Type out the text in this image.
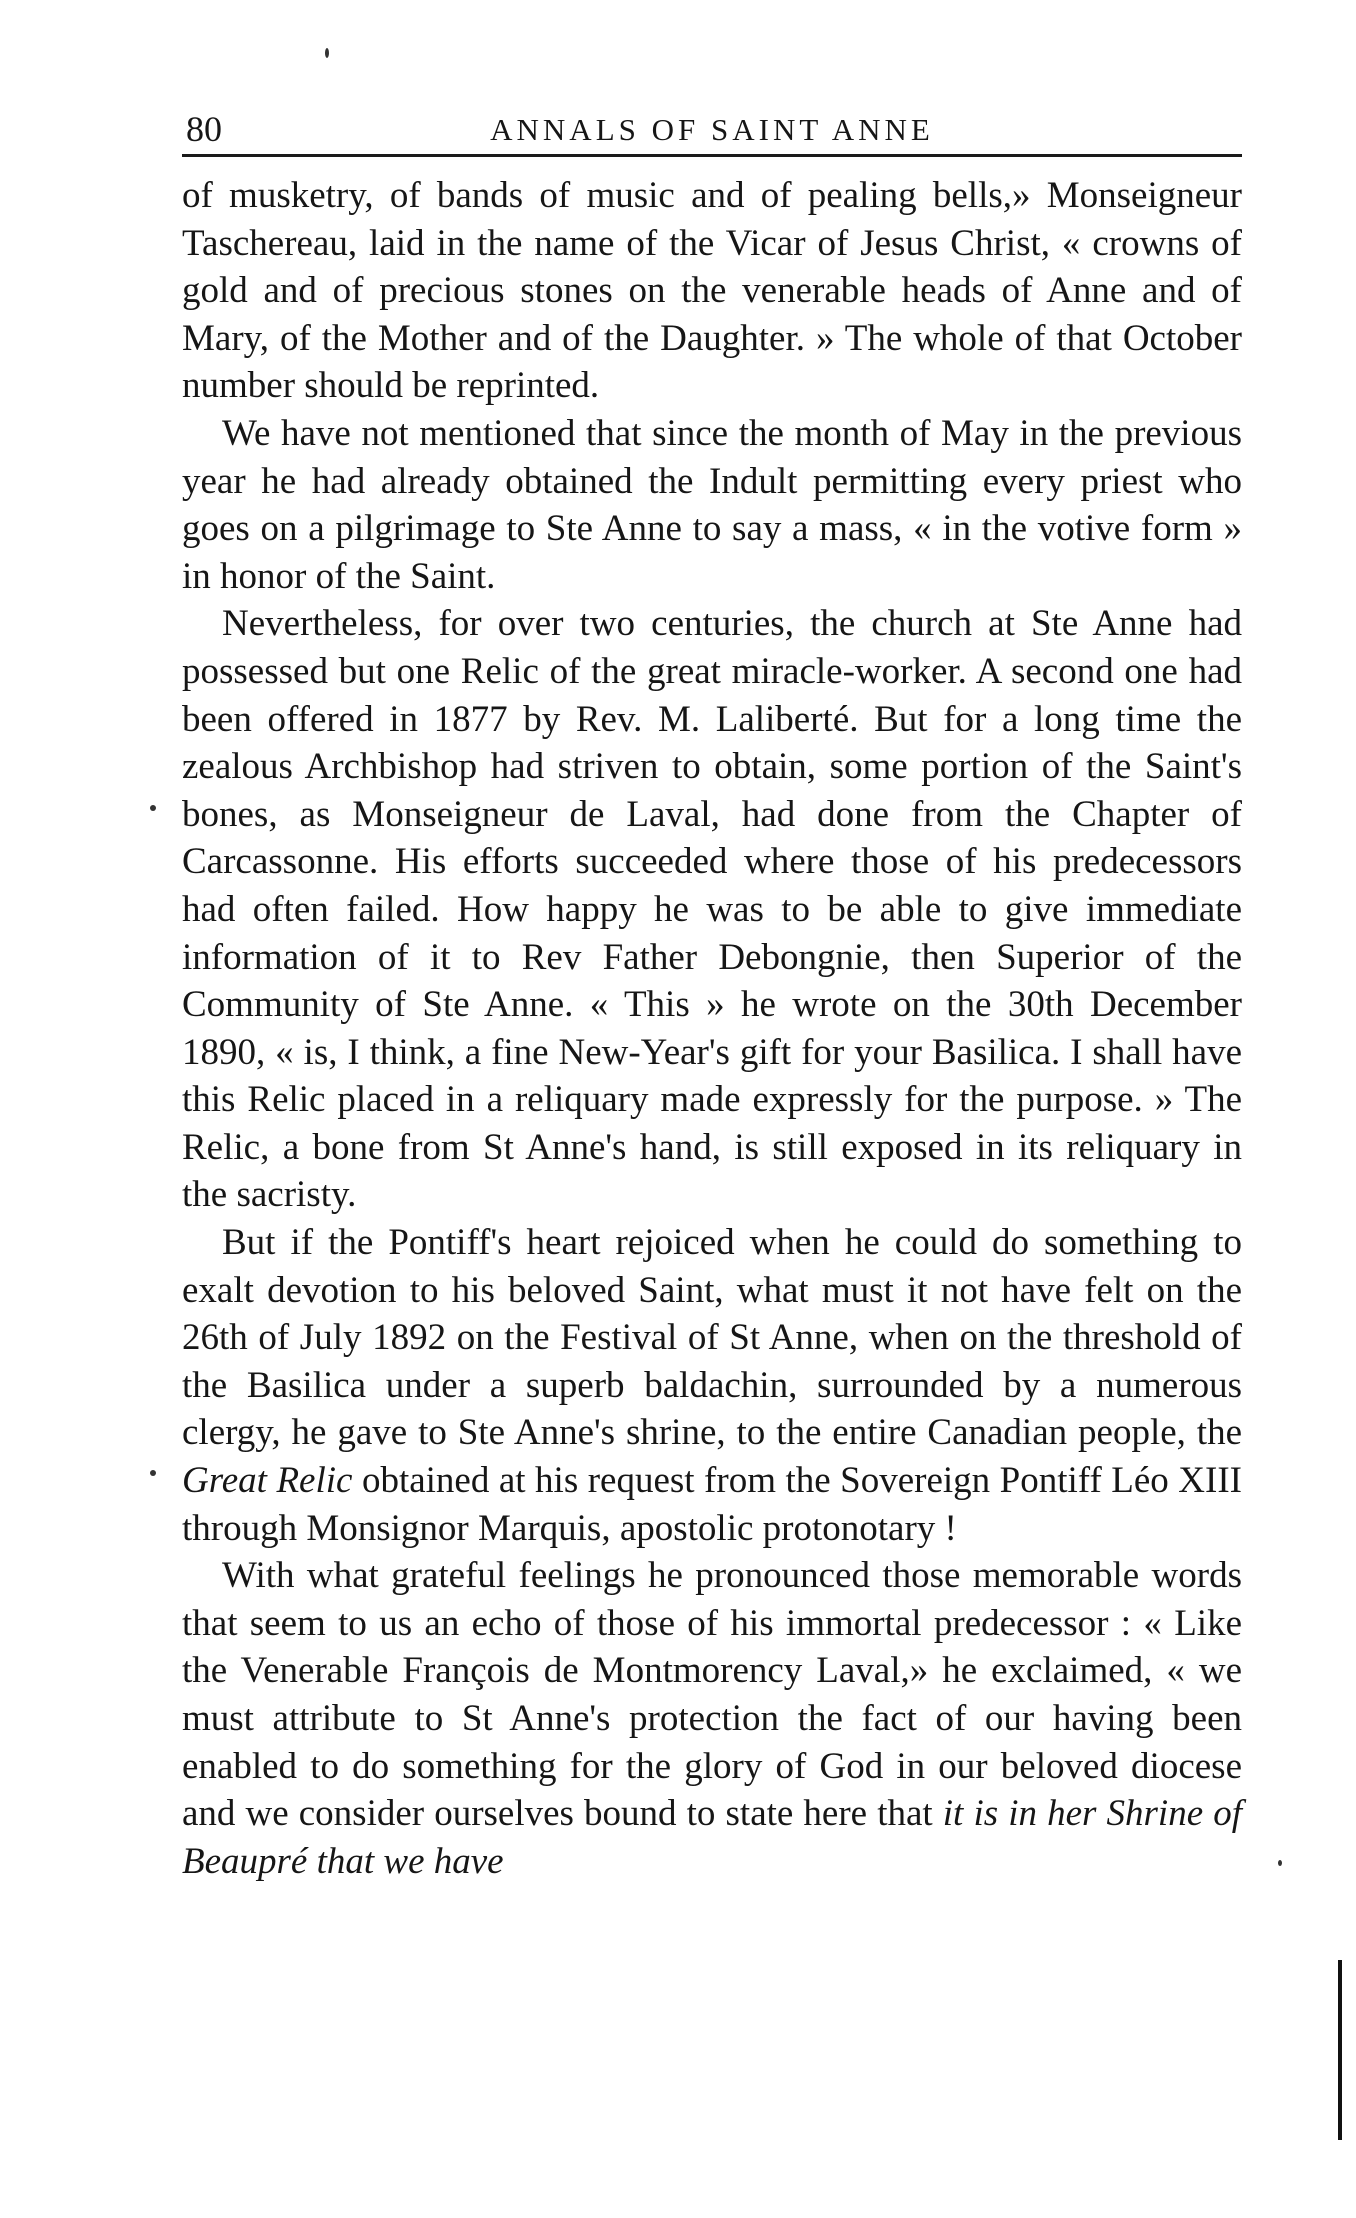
80	ANNALS OF SAINT ANNE

of musketry, of bands of music and of pealing bells,» Monseigneur Taschereau, laid in the name of the Vicar of Jesus Christ, « crowns of gold and of precious stones on the venerable heads of Anne and of Mary, of the Mother and of the Daughter. » The whole of that October number should be reprinted.

We have not mentioned that since the month of May in the previous year he had already obtained the Indult permitting every priest who goes on a pilgrimage to Ste Anne to say a mass, « in the votive form » in honor of the Saint.

Nevertheless, for over two centuries, the church at Ste Anne had possessed but one Relic of the great miracle-worker. A second one had been offered in 1877 by Rev. M. Laliberté. But for a long time the zealous Archbishop had striven to obtain, some portion of the Saint's bones, as Monseigneur de Laval, had done from the Chapter of Carcassonne. His efforts succeeded where those of his predecessors had often failed. How happy he was to be able to give immediate information of it to Rev Father Debongnie, then Superior of the Community of Ste Anne. « This » he wrote on the 30th December 1890, « is, I think, a fine New-Year's gift for your Basilica. I shall have this Relic placed in a reliquary made expressly for the purpose. » The Relic, a bone from St Anne's hand, is still exposed in its reliquary in the sacristy.

But if the Pontiff's heart rejoiced when he could do something to exalt devotion to his beloved Saint, what must it not have felt on the 26th of July 1892 on the Festival of St Anne, when on the threshold of the Basilica under a superb baldachin, surrounded by a numerous clergy, he gave to Ste Anne's shrine, to the entire Canadian people, the Great Relic obtained at his request from the Sovereign Pontiff Léo XIII through Monsignor Marquis, apostolic protonotary !

With what grateful feelings he pronounced those memorable words that seem to us an echo of those of his immortal predecessor : « Like the Venerable François de Montmorency Laval,» he exclaimed, « we must attribute to St Anne's protection the fact of our having been enabled to do something for the glory of God in our beloved diocese and we consider ourselves bound to state here that it is in her Shrine of Beaupré that we have
